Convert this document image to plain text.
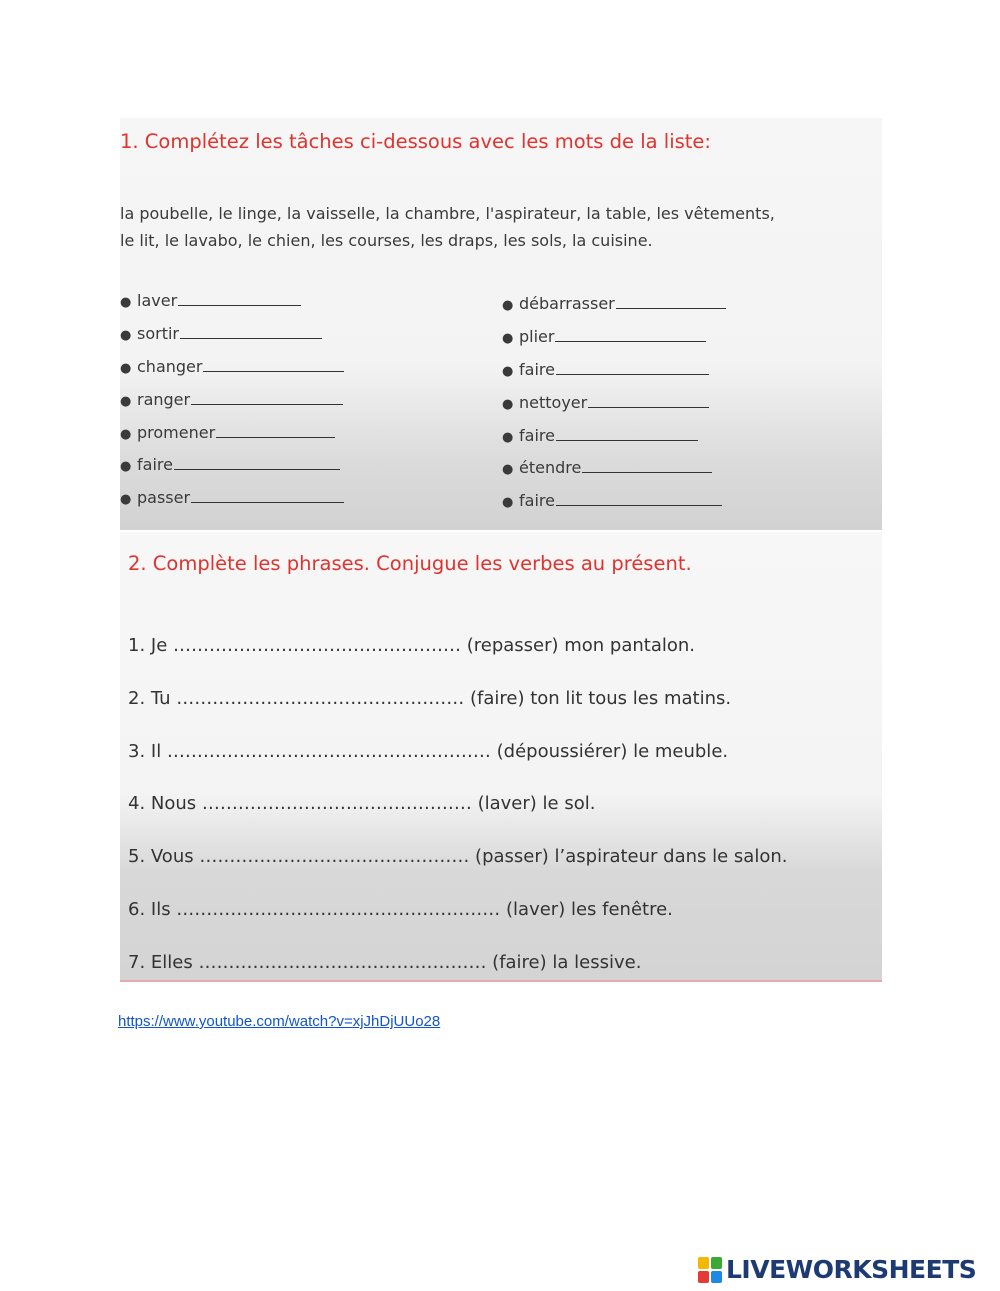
1. Complétez les tâches ci-dessous avec les mots de la liste:

la poubelle, le linge, la vaisselle, la chambre, l'aspirateur, la table, les vêtements,
le lit, le lavabo, le chien, les courses, les draps, les sols, la cuisine.

● laver
● sortir
● changer
● ranger
● promener
● faire
● passer
● débarrasser
● plier
● faire
● nettoyer
● faire
● étendre
● faire
2. Complète les phrases. Conjugue les verbes au présent.
1. Je ………………………………………… (repasser) mon pantalon.
2. Tu ………………………………………… (faire) ton lit tous les matins.
3. Il ……………………………………………… (dépoussiérer) le meuble.
4. Nous ……………………………………… (laver) le sol.
5. Vous ……………………………………… (passer) l’aspirateur dans le salon.
6. Ils ……………………………………………… (laver) les fenêtre.
7. Elles ………………………………………… (faire) la lessive.
https://www.youtube.com/watch?v=xjJhDjUUo28
LIVEWORKSHEETS
